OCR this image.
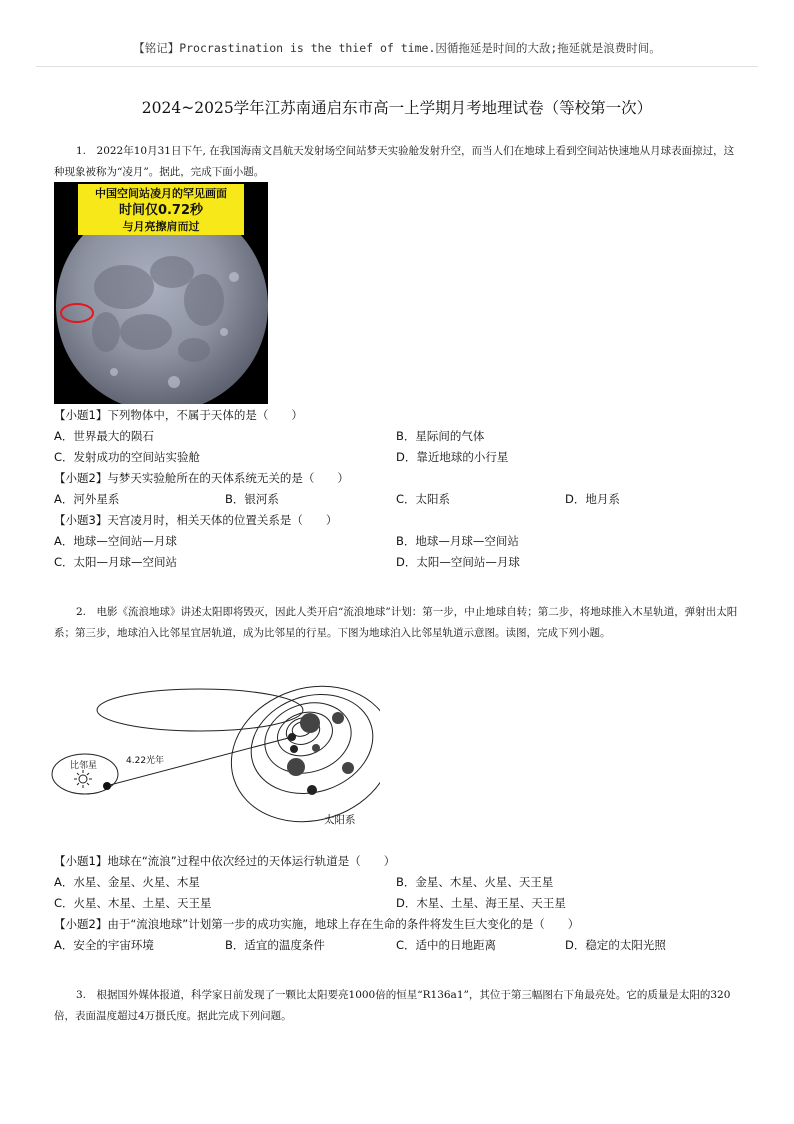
【铭记】Procrastination is the thief of time.因循拖延是时间的大敌;拖延就是浪费时间。
2024~2025学年江苏南通启东市高一上学期月考地理试卷（等校第一次）

1.　2022年10月31日下午, 在我国海南文昌航天发射场空间站梦天实验舱发射升空，而当人们在地球上看到空间站快速地从月球表面掠过，这种现象被称为“凌月”。据此，完成下面小题。

中国空间站凌月的罕见画面
时间仅0.72秒
与月亮擦肩而过
【小题1】下列物体中，不属于天体的是（　　）
A．世界最大的陨石	B．星际间的气体
C．发射成功的空间站实验舱	D．靠近地球的小行星
【小题2】与梦天实验舱所在的天体系统无关的是（　　）
A．河外星系	B．银河系	C．太阳系	D．地月系
【小题3】天宫凌月时，相关天体的位置关系是（　　）
A．地球—空间站—月球	B．地球—月球—空间站
C．太阳—月球—空间站	D．太阳—空间站—月球

2.　电影《流浪地球》讲述太阳即将毁灭，因此人类开启“流浪地球”计划：第一步，中止地球自转；第二步，将地球推入木星轨道，弹射出太阳系；第三步，地球泊入比邻星宜居轨道，成为比邻星的行星。下图为地球泊入比邻星轨道示意图。读图，完成下列小题。

比邻星	4.22光年
太阳系
【小题1】地球在“流浪”过程中依次经过的天体运行轨道是（　　）
A．水星、金星、火星、木星	B．金星、木星、火星、天王星
C．火星、木星、土星、天王星	D．木星、土星、海王星、天王星
【小题2】由于“流浪地球”计划第一步的成功实施，地球上存在生命的条件将发生巨大变化的是（　　）
A．安全的宇宙环境	B．适宜的温度条件	C．适中的日地距离	D．稳定的太阳光照

3.　根据国外媒体报道，科学家日前发现了一颗比太阳要亮1000倍的恒星“R136a1”，其位于第三幅图右下角最亮处。它的质量是太阳的320倍，表面温度超过4万摄氏度。据此完成下列问题。
